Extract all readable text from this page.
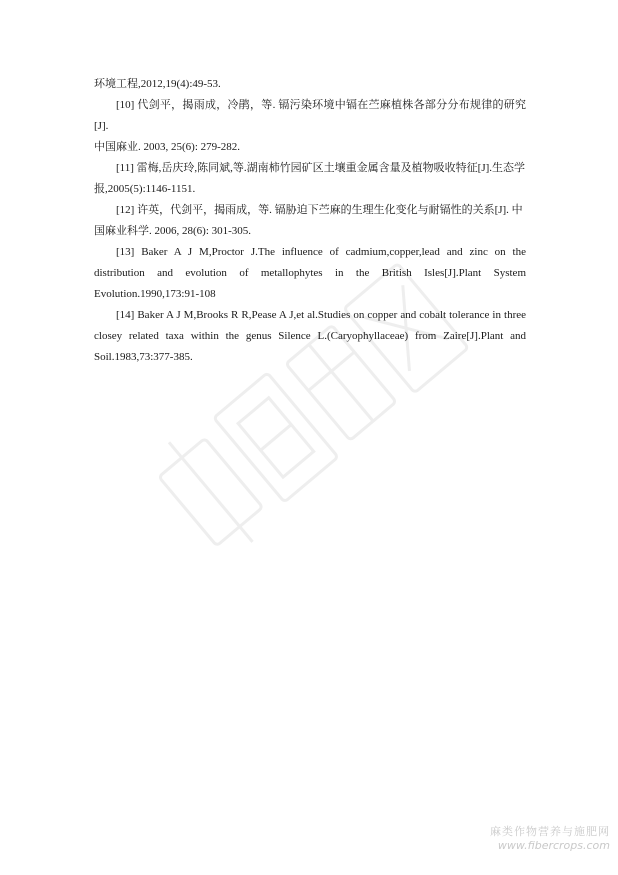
环境工程,2012,19(4):49-53.

[10] 代剑平，揭雨成，冷鹃，等. 镉污染环境中镉在苎麻植株各部分分布规律的研究[J].

中国麻业. 2003, 25(6): 279-282.

[11] 雷梅,岳庆玲,陈同斌,等.湖南柿竹园矿区土壤重金属含量及植物吸收特征[J].生态学

报,2005(5):1146-1151.

[12] 许英，代剑平，揭雨成，等. 镉胁迫下苎麻的生理生化变化与耐镉性的关系[J]. 中

国麻业科学. 2006, 28(6): 301-305.

[13] Baker A J M,Proctor J.The influence of cadmium,copper,lead and zinc on the
distribution and evolution of metallophytes in the British Isles[J].Plant System

Evolution.1990,173:91-108

[14] Baker A J M,Brooks R R,Pease A J,et al.Studies on copper and cobalt tolerance in three
closey related taxa within the genus Silence L.(Caryophyllaceae) from Zaire[J].Plant and

Soil.1983,73:377-385.

麻类作物营养与施肥网
www.fibercrops.com
